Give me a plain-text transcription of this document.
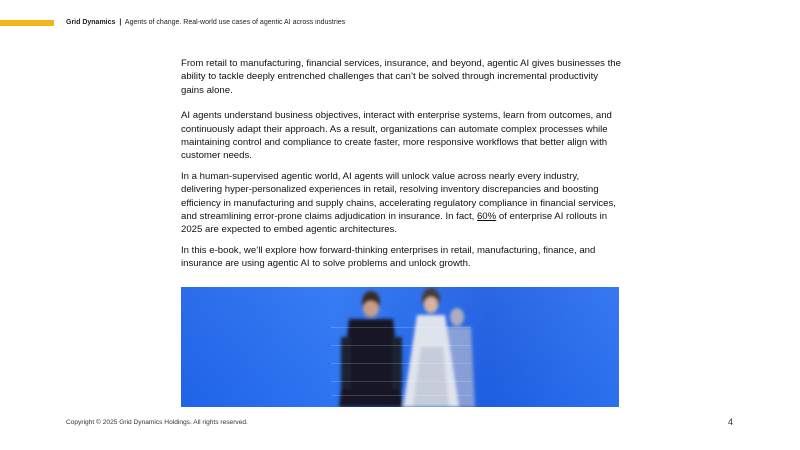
Grid Dynamics | Agents of change. Real-world use cases of agentic AI across industries

From retail to manufacturing, financial services, insurance, and beyond, agentic AI gives businesses the ability to tackle deeply entrenched challenges that can’t be solved through incremental productivity gains alone.

AI agents understand business objectives, interact with enterprise systems, learn from outcomes, and continuously adapt their approach. As a result, organizations can automate complex processes while maintaining control and compliance to create faster, more responsive workflows that better align with customer needs.

In a human-supervised agentic world, AI agents will unlock value across nearly every industry, delivering hyper-personalized experiences in retail, resolving inventory discrepancies and boosting efficiency in manufacturing and supply chains, accelerating regulatory compliance in financial services, and streamlining error-prone claims adjudication in insurance. In fact, 60% of enterprise AI rollouts in 2025 are expected to embed agentic architectures.

In this e-book, we’ll explore how forward-thinking enterprises in retail, manufacturing, finance, and insurance are using agentic AI to solve problems and unlock growth.

Copyright © 2025 Grid Dynamics Holdings. All rights reserved.	4
